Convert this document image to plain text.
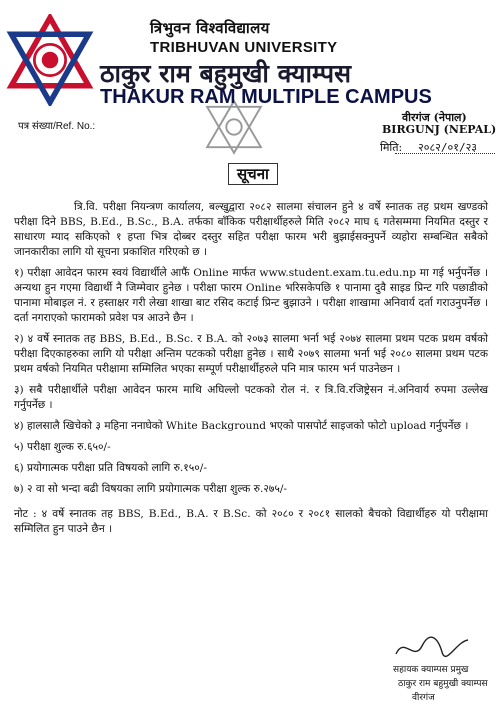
त्रिभुवन विश्वविद्यालय
TRIBHUVAN UNIVERSITY
ठाकुर राम बहुमुखी क्याम्पस
THAKUR RAM MULTIPLE CAMPUS
पत्र संख्या/Ref. No.:
वीरगंज (नेपाल)
BIRGUNJ (NEPAL)
मिति: २०८२/०१/२३
सूचना

त्रि.वि. परीक्षा नियन्त्रण कार्यालय, बल्खुद्वारा २०८२ सालमा संचालन हुने ४ वर्षे स्नातक तह प्रथम खण्डको परीक्षा दिने BBS, B.Ed., B.Sc., B.A. तर्फका बाँकिक परीक्षार्थीहरुले मिति २०८२ माघ ६ गतेसम्ममा नियमित दस्तुर र साधारण म्याद सकिएको १ हप्ता भित्र दोब्बर दस्तुर सहित परीक्षा फारम भरी बुझाईसक्नुपर्ने व्यहोरा सम्बन्धित सबैको जानकारीका लागि यो सूचना प्रकाशित गरिएको छ ।

१) परीक्षा आवेदन फारम स्वयं विद्यार्थीले आफैं Online मार्फत www.student.exam.tu.edu.np मा गई भर्नुपर्नेछ । अन्यथा हुन गएमा विद्यार्थी नै जिम्मेवार हुनेछ । परीक्षा फारम Online भरिसकेपछि १ पानामा दुवै साइड प्रिन्ट गरि पछाडीको पानामा मोबाइल नं. र हस्ताक्षर गरी लेखा शाखा बाट रसिद कटाई प्रिन्ट बुझाउने । परीक्षा शाखामा अनिवार्य दर्ता गराउनुपर्नेछ । दर्ता नगराएको फारामको प्रवेश पत्र आउने छैन ।

२) ४ वर्षे स्नातक तह BBS, B.Ed., B.Sc. र B.A. को २०७३ सालमा भर्ना भई २०७४ सालमा प्रथम पटक प्रथम वर्षको परीक्षा दिएकाहरुका लागि यो परीक्षा अन्तिम पटकको परीक्षा हुनेछ । साथै २०७९ सालमा भर्ना भई २०८० सालमा प्रथम पटक प्रथम वर्षको नियमित परीक्षामा सम्मिलित भएका सम्पूर्ण परीक्षार्थीहरुले पनि मात्र फारम भर्न पाउनेछन ।

३) सबै परीक्षार्थीले परीक्षा आवेदन फारम माथि अघिल्लो पटकको रोल नं. र त्रि.वि.रजिष्ट्रेसन नं.अनिवार्य रुपमा उल्लेख गर्नुपर्नेछ ।

४) हालसालै खिचेको ३ महिना ननाघेको White Background भएको पासपोर्ट साइजको फोटो upload गर्नुपर्नेछ ।

५) परीक्षा शुल्क रु.६५०/-

६) प्रयोगात्मक परीक्षा प्रति विषयको लागि रु.१५०/-

७) २ वा सो भन्दा बढी विषयका लागि प्रयोगात्मक परीक्षा शुल्क रु.२७५/-

नोट : ४ वर्षे स्नातक तह BBS, B.Ed., B.A. र B.Sc. को २०८० र २०८१ सालको बैचको विद्यार्थीहरु यो परीक्षामा सम्मिलित हुन पाउने छैन ।

सहायक क्याम्पस प्रमुख
ठाकुर राम बहुमुखी क्याम्पस
वीरगंज
